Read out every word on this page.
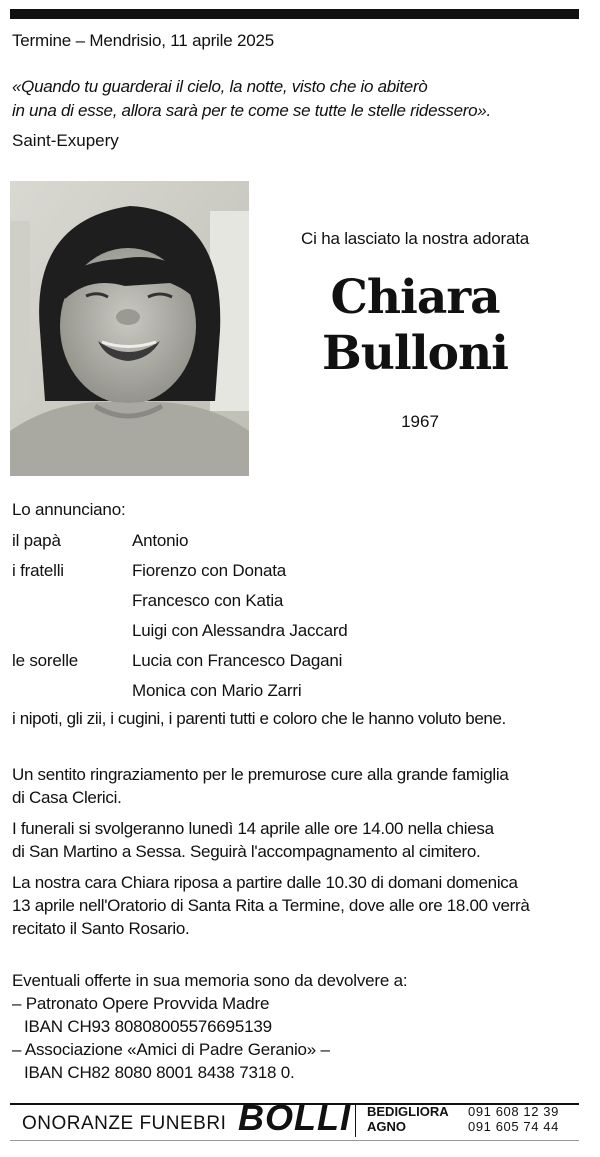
Termine – Mendrisio, 11 aprile 2025
«Quando tu guarderai il cielo, la notte, visto che io abiterò
in una di esse, allora sarà per te come se tutte le stelle ridessero».
Saint-Exupery
Ci ha lasciato la nostra adorata
Chiara
Bulloni
1967
Lo annunciano:
il papà	Antonio
i fratelli	Fiorenzo con Donata
Francesco con Katia
Luigi con Alessandra Jaccard
le sorelle	Lucia con Francesco Dagani
Monica con Mario Zarri
i nipoti, gli zii, i cugini, i parenti tutti e coloro che le hanno voluto bene.
Un sentito ringraziamento per le premurose cure alla grande famiglia
di Casa Clerici.
I funerali si svolgeranno lunedì 14 aprile alle ore 14.00 nella chiesa
di San Martino a Sessa. Seguirà l'accompagnamento al cimitero.
La nostra cara Chiara riposa a partire dalle 10.30 di domani domenica
13 aprile nell'Oratorio di Santa Rita a Termine, dove alle ore 18.00 verrà
recitato il Santo Rosario.
Eventuali offerte in sua memoria sono da devolvere a:
– Patronato Opere Provvida Madre
IBAN CH93 80808005576695139
– Associazione «Amici di Padre Geranio» –
IBAN CH82 8080 8001 8438 7318 0.
ONORANZE FUNEBRI BOLLI BEDIGLIORA
AGNO
091 608 12 39
091 605 74 44
